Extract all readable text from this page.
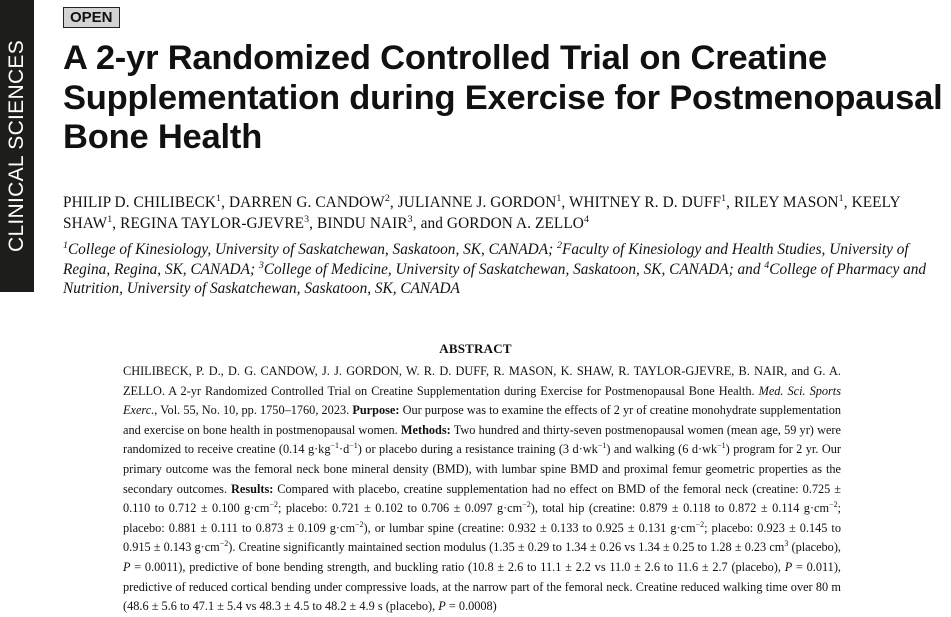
CLINICAL SCIENCES
OPEN
A 2-yr Randomized Controlled Trial on Creatine Supplementation during Exercise for Postmenopausal Bone Health

PHILIP D. CHILIBECK$^1$, DARREN G. CANDOW$^2$, JULIANNE J. GORDON$^1$, WHITNEY R. D. DUFF$^1$, RILEY MASON$^1$, KEELY SHAW$^1$, REGINA TAYLOR-GJEVRE$^3$, BINDU NAIR$^3$, and GORDON A. ZELLO$^4$

$^1$College of Kinesiology, University of Saskatchewan, Saskatoon, SK, CANADA; $^2$Faculty of Kinesiology and Health Studies, University of Regina, Regina, SK, CANADA; $^3$College of Medicine, University of Saskatchewan, Saskatoon, SK, CANADA; and $^4$College of Pharmacy and Nutrition, University of Saskatchewan, Saskatoon, SK, CANADA

ABSTRACT

CHILIBECK, P. D., D. G. CANDOW, J. J. GORDON, W. R. D. DUFF, R. MASON, K. SHAW, R. TAYLOR-GJEVRE, B. NAIR, and G. A. ZELLO. A 2-yr Randomized Controlled Trial on Creatine Supplementation during Exercise for Postmenopausal Bone Health. Med. Sci. Sports Exerc., Vol. 55, No. 10, pp. 1750–1760, 2023. Purpose: Our purpose was to examine the effects of 2 yr of creatine monohydrate supplementation and exercise on bone health in postmenopausal women. Methods: Two hundred and thirty-seven postmenopausal women (mean age, 59 yr) were randomized to receive creatine (0.14 $g\cdot kg^{-1}\cdot d^{-1}$) or placebo during a resistance training (3 $d\cdot wk^{-1}$) and walking (6 $d\cdot wk^{-1}$) program for 2 yr. Our primary outcome was the femoral neck bone mineral density (BMD), with lumbar spine BMD and proximal femur geometric properties as the secondary outcomes. Results: Compared with placebo, creatine supplementation had no effect on BMD of the femoral neck (creatine: 0.725 ± 0.110 to 0.712 ± 0.100 $g\cdot cm^{-2}$; placebo: 0.721 ± 0.102 to 0.706 ± 0.097 $g\cdot cm^{-2}$), total hip (creatine: 0.879 ± 0.118 to 0.872 ± 0.114 $g\cdot cm^{-2}$; placebo: 0.881 ± 0.111 to 0.873 ± 0.109 $g\cdot cm^{-2}$), or lumbar spine (creatine: 0.932 ± 0.133 to 0.925 ± 0.131 $g\cdot cm^{-2}$; placebo: 0.923 ± 0.145 to 0.915 ± 0.143 $g\cdot cm^{-2}$). Creatine significantly maintained section modulus (1.35 ± 0.29 to 1.34 ± 0.26 vs 1.34 ± 0.25 to 1.28 ± 0.23 $cm^3$ (placebo), P = 0.0011), predictive of bone bending strength, and buckling ratio (10.8 ± 2.6 to 11.1 ± 2.2 vs 11.0 ± 2.6 to 11.6 ± 2.7 (placebo), P = 0.011), predictive of reduced cortical bending under compressive loads, at the narrow part of the femoral neck. Creatine reduced walking time over 80 m (48.6 ± 5.6 to 47.1 ± 5.4 vs 48.3 ± 4.5 to 48.2 ± 4.9 s (placebo), P = 0.0008)
